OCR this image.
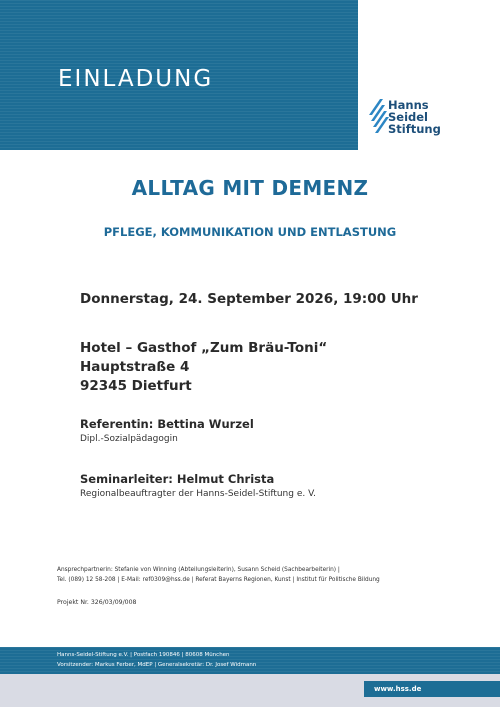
EINLADUNG
Hanns
Seidel
Stiftung
ALLTAG MIT DEMENZ
PFLEGE, KOMMUNIKATION UND ENTLASTUNG
Donnerstag, 24. September 2026, 19:00 Uhr
Hotel – Gasthof „Zum Bräu-Toni“
Hauptstraße 4
92345 Dietfurt
Referentin: Bettina Wurzel
Dipl.-Sozialpädagogin
Seminarleiter: Helmut Christa
Regionalbeauftragter der Hanns-Seidel-Stiftung e. V.
Ansprechpartnerin: Stefanie von Winning (Abteilungsleiterin), Susann Scheid (Sachbearbeiterin) |
Tel. (089) 12 58-208 | E-Mail: ref0309@hss.de | Referat Bayerns Regionen, Kunst | Institut für Politische Bildung
Projekt Nr. 326/03/09/008
Hanns-Seidel-Stiftung e.V. | Postfach 190846 | 80608 München
Vorsitzender: Markus Ferber, MdEP | Generalsekretär: Dr. Josef Widmann
www.hss.de
